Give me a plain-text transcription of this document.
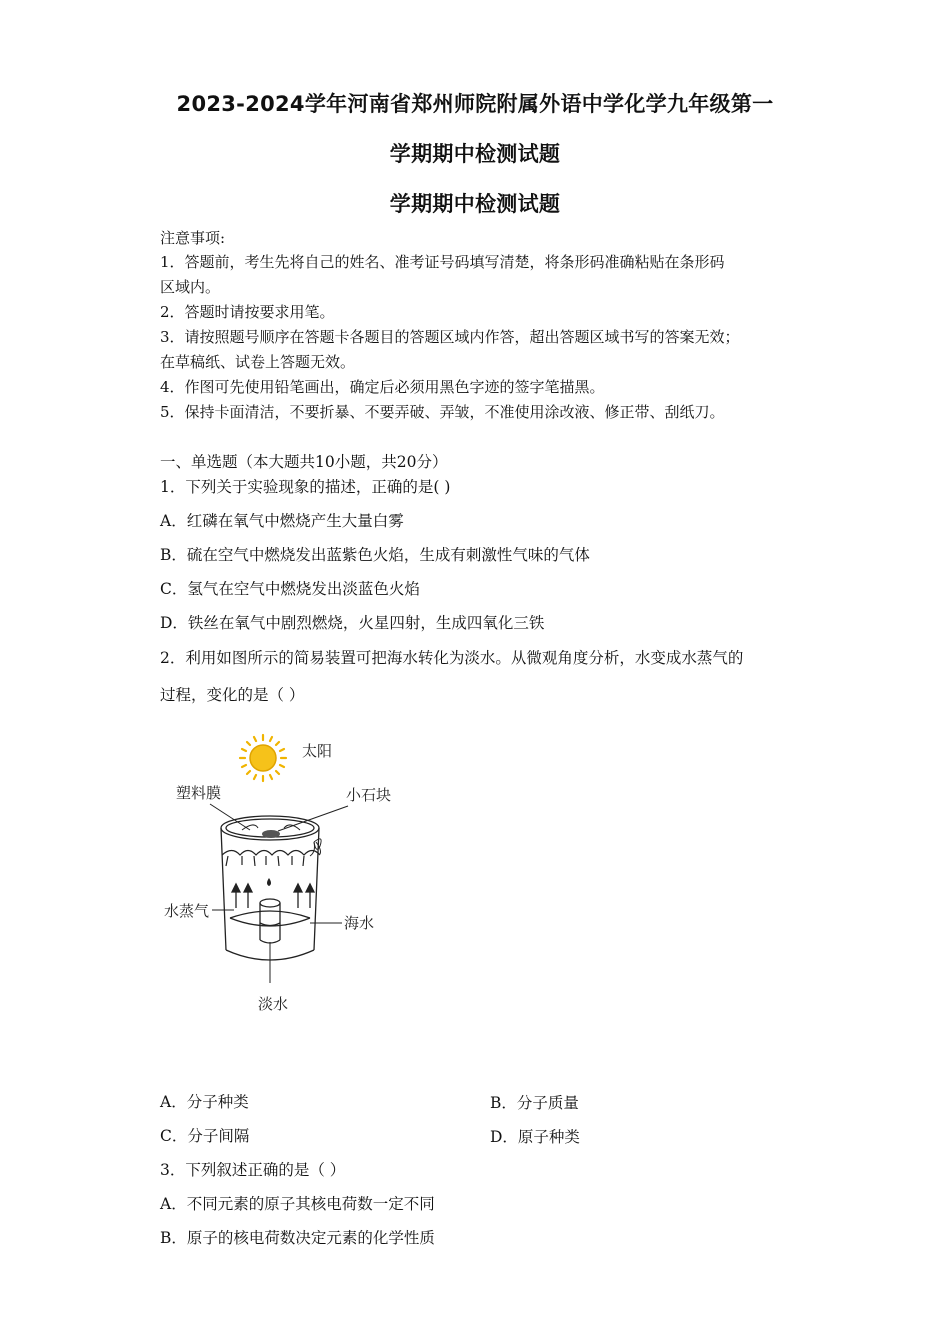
2023-2024学年河南省郑州师院附属外语中学化学九年级第一
学期期中检测试题
学期期中检测试题
注意事项:
1．答题前，考生先将自己的姓名、准考证号码填写清楚，将条形码准确粘贴在条形码
区域内。
2．答题时请按要求用笔。
3．请按照题号顺序在答题卡各题目的答题区域内作答，超出答题区域书写的答案无效；
在草稿纸、试卷上答题无效。
4．作图可先使用铅笔画出，确定后必须用黑色字迹的签字笔描黑。
5．保持卡面清洁，不要折暴、不要弄破、弄皱，不准使用涂改液、修正带、刮纸刀。
一、单选题（本大题共10小题，共20分）
1．下列关于实验现象的描述，正确的是( )
A．红磷在氧气中燃烧产生大量白雾
B．硫在空气中燃烧发出蓝紫色火焰，生成有刺激性气味的气体
C．氢气在空气中燃烧发出淡蓝色火焰
D．铁丝在氧气中剧烈燃烧，火星四射，生成四氧化三铁
2．利用如图所示的简易装置可把海水转化为淡水。从微观角度分析，水变成水蒸气的
过程，变化的是（ ）
太阳
塑料膜	小石块
水蒸气
海水
淡水
A．分子种类	B．分子质量
C．分子间隔	D．原子种类
3．下列叙述正确的是（ ）
A．不同元素的原子其核电荷数一定不同
B．原子的核电荷数决定元素的化学性质
